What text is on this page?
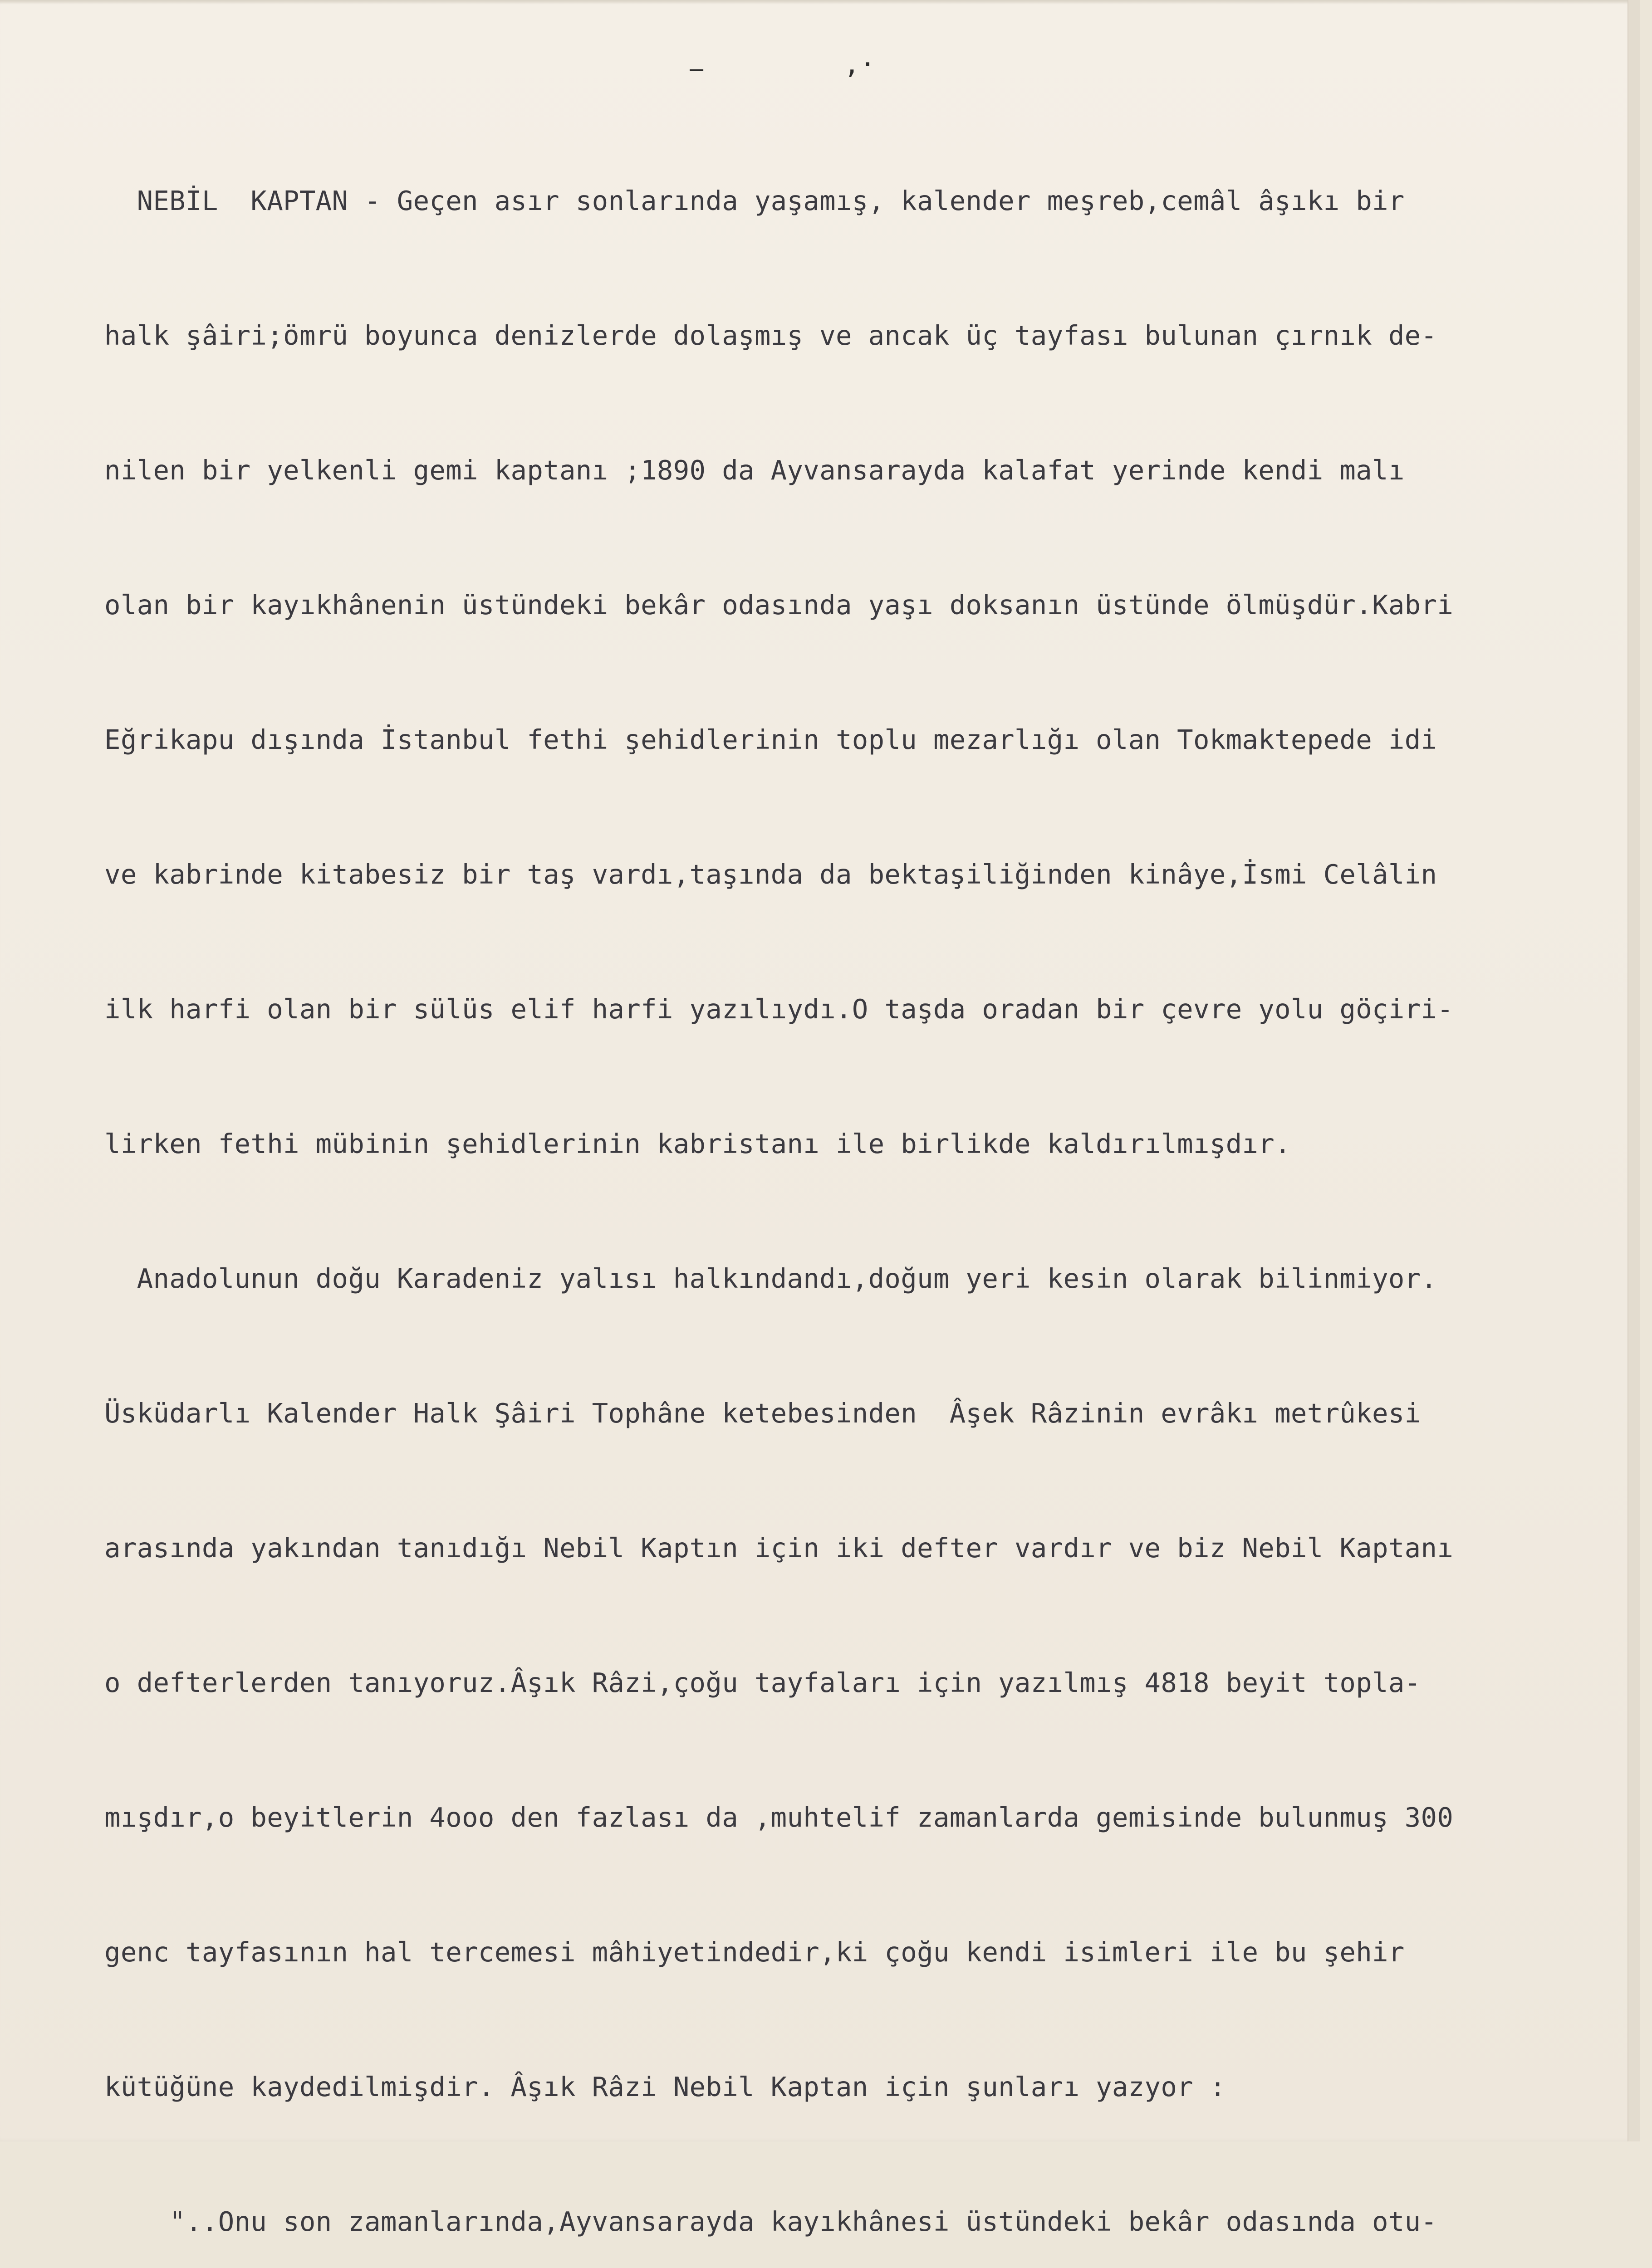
—	,·

NEBİL  KAPTAN - Geçen asır sonlarında yaşamış, kalender meşreb,cemâl âşıkı bir

halk şâiri;ömrü boyunca denizlerde dolaşmış ve ancak üç tayfası bulunan çırnık de-

nilen bir yelkenli gemi kaptanı ;1890 da Ayvansarayda kalafat yerinde kendi malı

olan bir kayıkhânenin üstündeki bekâr odasında yaşı doksanın üstünde ölmüşdür.Kabri

Eğrikapu dışında İstanbul fethi şehidlerinin toplu mezarlığı olan Tokmaktepede idi

ve kabrinde kitabesiz bir taş vardı,taşında da bektaşiliğinden kinâye,İsmi Celâlin

ilk harfi olan bir sülüs elif harfi yazılıydı.O taşda oradan bir çevre yolu göçiri-

lirken fethi mübinin şehidlerinin kabristanı ile birlikde kaldırılmışdır.

Anadolunun doğu Karadeniz yalısı halkındandı,doğum yeri kesin olarak bilinmiyor.

Üsküdarlı Kalender Halk Şâiri Tophâne ketebesinden  Âşek Râzinin evrâkı metrûkesi

arasında yakından tanıdığı Nebil Kaptın için iki defter vardır ve biz Nebil Kaptanı

o defterlerden tanıyoruz.Âşık Râzi,çoğu tayfaları için yazılmış 4818 beyit topla-

mışdır,o beyitlerin 4ooo den fazlası da ,muhtelif zamanlarda gemisinde bulunmuş 300

genc tayfasının hal tercemesi mâhiyetindedir,ki çoğu kendi isimleri ile bu şehir

kütüğüne kaydedilmişdir. Âşık Râzi Nebil Kaptan için şunları yazyor :

"..Onu son zamanlarında,Ayvansarayda kayıkhânesi üstündeki bekâr odasında otu-
